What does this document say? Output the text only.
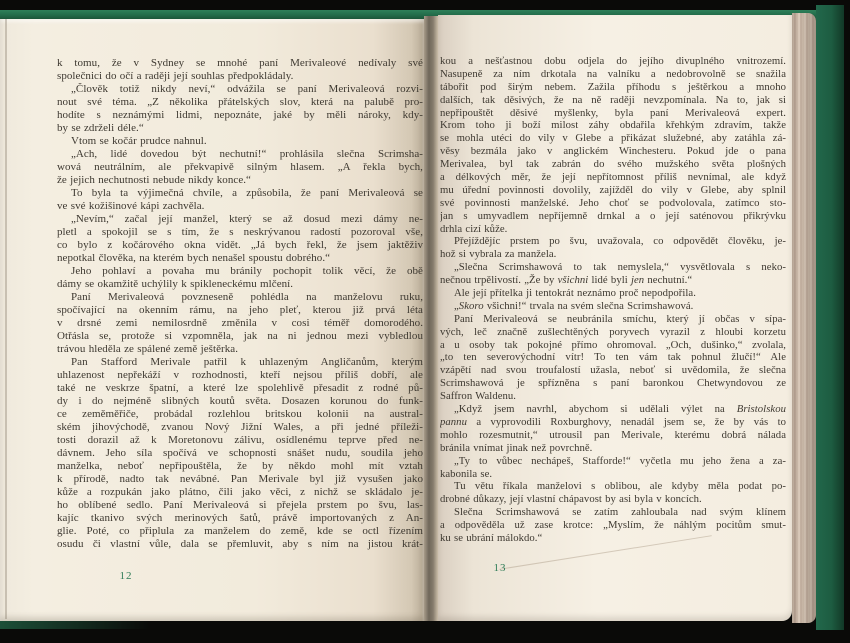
k tomu, že v Sydney se mnohé paní Merivaleové nedívaly své
společnici do očí a raději její souhlas předpokládaly.
„Člověk totiž nikdy neví,“ odvážila se paní Merivaleová rozvi-
nout své téma. „Z několika přátelských slov, která na palubě pro-
hodíte s neznámými lidmi, nepoznáte, jaké by měli nároky, kdy-
by se zdrželi déle.“
Vtom se kočár prudce nahnul.
„Ach, lidé dovedou být nechutní!“ prohlásila slečna Scrimsha-
wová neutrálním, ale překvapivě silným hlasem. „A řekla bych,
že jejich nechutnosti nebude nikdy konce.“
To byla ta výjimečná chvíle, a způsobila, že paní Merivaleová se
ve své kožišinové kápi zachvěla.
„Nevím,“ začal její manžel, který se až dosud mezi dámy ne-
pletl a spokojil se s tím, že s neskrývanou radostí pozoroval vše,
co bylo z kočárového okna vidět. „Já bych řekl, že jsem jaktěživ
nepotkal člověka, na kterém bych nenašel spoustu dobrého.“
Jeho pohlaví a povaha mu bránily pochopit tolik věcí, že obě
dámy se okamžitě uchýlily k spikleneckému mlčení.
Paní Merivaleová povzneseně pohlédla na manželovu ruku,
spočívající na okenním rámu, na jeho pleť, kterou již prvá léta
v drsné zemi nemilosrdně změnila v cosi téměř domorodého.
Otřásla se, protože si vzpomněla, jak na ni jednou mezi vybledlou
trávou hleděla ze spálené země ještěrka.
Pan Stafford Merivale patřil k uhlazeným Angličanům, kterým
uhlazenost nepřekáží v rozhodnosti, kteří nejsou příliš dobří, ale
také ne veskrze špatní, a které lze spolehlivě přesadit z rodné pů-
dy i do nejméně slibných koutů světa. Dosazen korunou do funk-
ce zeměměřiče, probádal rozlehlou britskou kolonii na austral-
ském jihovýchodě, zvanou Nový Jižní Wales, a při jedné příleži-
tosti dorazil až k Moretonovu zálivu, osídlenému teprve před ne-
dávnem. Jeho síla spočívá ve schopnosti snášet nudu, soudila jeho
manželka, neboť nepřipouštěla, že by někdo mohl mít vztah
k přírodě, nadto tak nevábné. Pan Merivale byl již vysušen jako
kůže a rozpukán jako plátno, čili jako věci, z nichž se skládalo je-
ho oblíbené sedlo. Paní Merivaleová si přejela prstem po švu, las-
kajíc tkanivo svých merinových šatů, právě importovaných z An-
glie. Poté, co připlula za manželem do země, kde se octl řízením
osudu či vlastní vůle, dala se přemluvit, aby s ním na jistou krát-
kou a nešťastnou dobu odjela do jejího divuplného vnitrozemí.
Nasupeně za ním drkotala na valníku a nedobrovolně se snažila
tábořit pod širým nebem. Zažila příhodu s ještěrkou a mnoho
dalších, tak děsivých, že na ně raději nevzpomínala. Na to, jak si
nepřipouštět děsivé myšlenky, byla paní Merivaleová expert.
Krom toho ji boží milost záhy obdařila křehkým zdravím, takže
se mohla utéci do vily v Glebe a přikázat služebné, aby zatáhla zá-
věsy bezmála jako v anglickém Winchesteru. Pokud jde o pana
Merivalea, byl tak zabrán do svého mužského světa plošných
a délkových měr, že její nepřítomnost příliš nevnímal, ale když
mu úřední povinnosti dovolily, zajížděl do vily v Glebe, aby splnil
své povinnosti manželské. Jeho choť se podvolovala, zatímco sto-
jan s umyvadlem nepříjemně drnkal a o její saténovou přikrývku
drhla cizí kůže.
Přejíždějíc prstem po švu, uvažovala, co odpovědět člověku, je-
hož si vybrala za manžela.
„Slečna Scrimshawová to tak nemyslela,“ vysvětlovala s neko-
nečnou trpělivostí. „Že by všichni lidé byli jen nechutní.“
Ale její přítelka ji tentokrát neznámo proč nepodpořila.
„Skoro všichni!“ trvala na svém slečna Scrimshawová.
Paní Merivaleová se neubránila smíchu, který jí občas v sípa-
vých, leč značně zušlechtěných poryvech vyrazil z hloubi korzetu
a u osoby tak pokojné přímo ohromoval. „Och, dušinko,“ zvolala,
„to ten severovýchodní vítr! To ten vám tak pohnul žlučí!“ Ale
vzápětí nad svou troufalostí užasla, neboť si uvědomila, že slečna
Scrimshawová je spřízněna s paní baronkou Chetwyndovou ze
Saffron Waldenu.
„Když jsem navrhl, abychom si udělali výlet na Bristolskou
pannu a vyprovodili Roxburghovy, nenadál jsem se, že by vás to
mohlo rozesmutnit,“ utrousil pan Merivale, kterému dobrá nálada
bránila vnímat jinak než povrchně.
„Ty to vůbec nechápeš, Stafforde!“ vyčetla mu jeho žena a za-
kabonila se.
Tu větu říkala manželovi s oblibou, ale kdyby měla podat po-
drobné důkazy, její vlastní chápavost by asi byla v koncích.
Slečna Scrimshawová se zatím zahloubala nad svým klínem
a odpověděla už zase krotce: „Myslím, že náhlým pocitům smut-
ku se ubrání málokdo.“
12
13
